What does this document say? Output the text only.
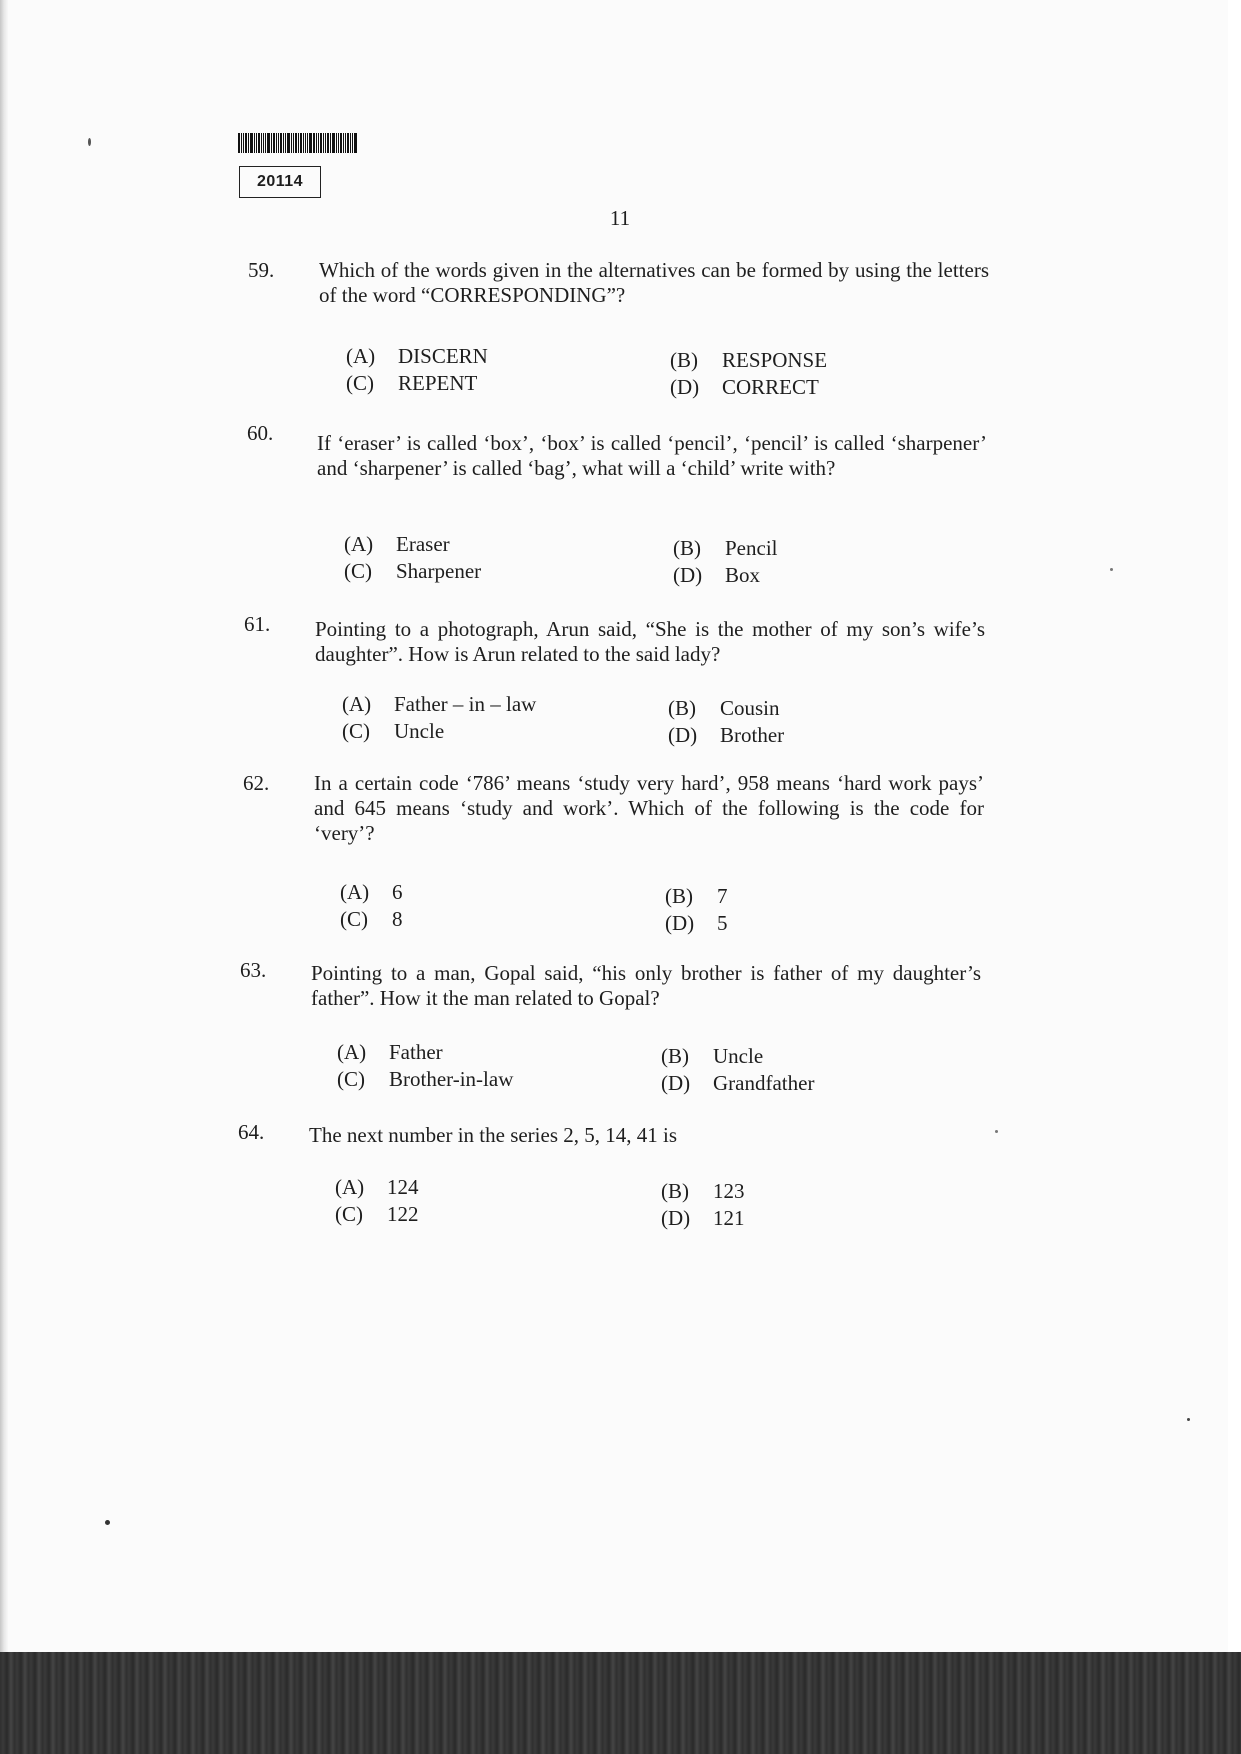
20114
11
59. Which of the words given in the alternatives can be formed by using the letters of the word “CORRESPONDING”?
(A) DISCERN	(B) RESPONSE
(C) REPENT	(D) CORRECT
60. If ‘eraser’ is called ‘box’, ‘box’ is called ‘pencil’, ‘pencil’ is called ‘sharpener’ and ‘sharpener’ is called ‘bag’, what will a ‘child’ write with?
(A) Eraser	(B) Pencil
(C) Sharpener	(D) Box
61. Pointing to a photograph, Arun said, “She is the mother of my son’s wife’s daughter”. How is Arun related to the said lady?
(A) Father – in – law	(B) Cousin
(C) Uncle	(D) Brother
62. In a certain code ‘786’ means ‘study very hard’, 958 means ‘hard work pays’ and 645 means ‘study and work’. Which of the following is the code for ‘very’?
(A) 6	(B) 7
(C) 8	(D) 5
63. Pointing to a man, Gopal said, “his only brother is father of my daughter’s father”. How it the man related to Gopal?
(A) Father	(B) Uncle
(C) Brother-in-law	(D) Grandfather
64. The next number in the series 2, 5, 14, 41 is
(A) 124	(B) 123
(C) 122	(D) 121
